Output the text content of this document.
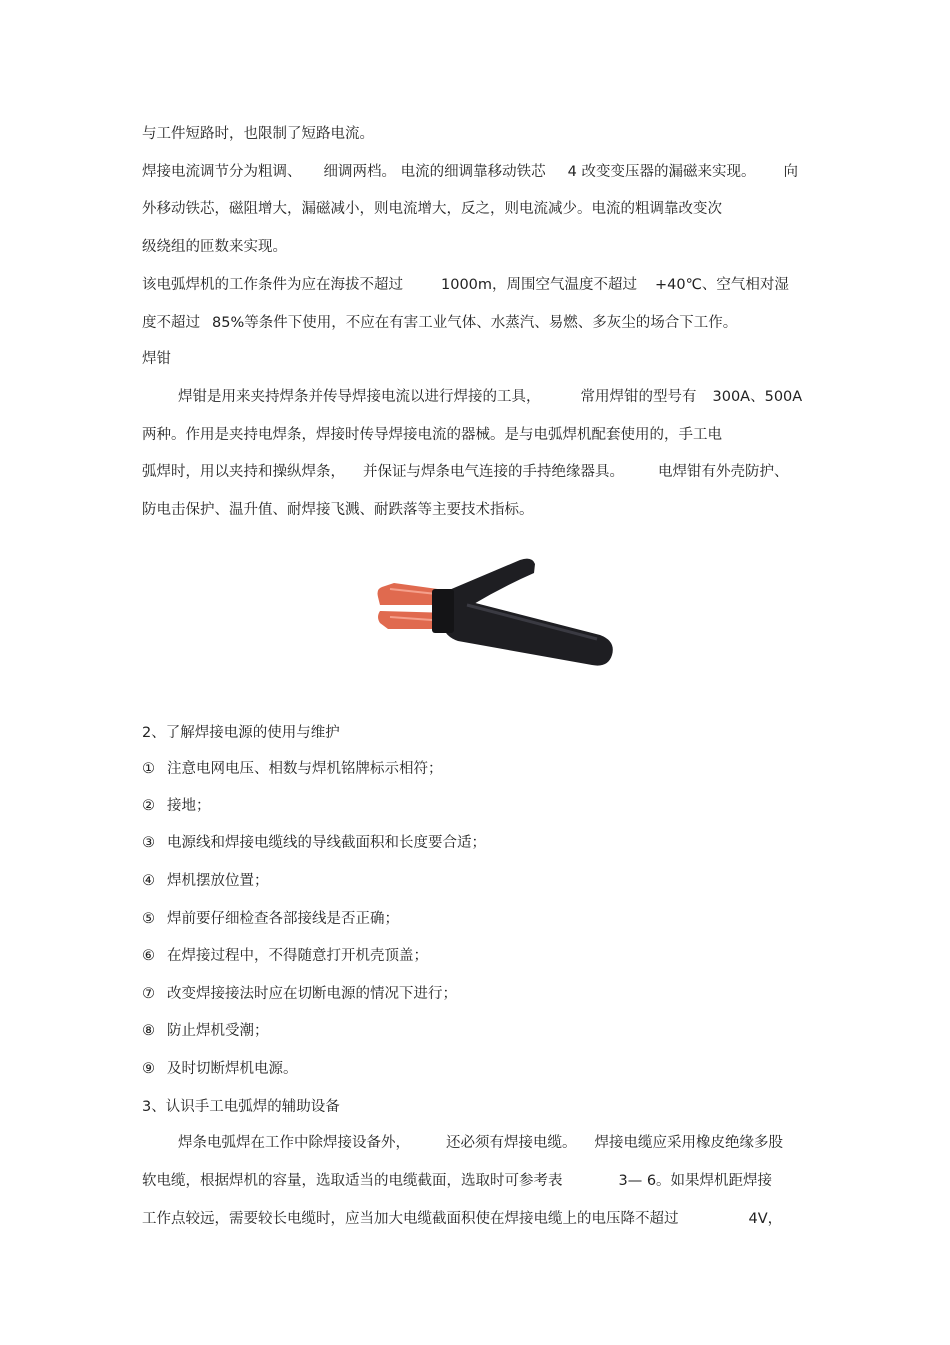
与工件短路时，也限制了短路电流。
焊接电流调节分为粗调、 细调两档。 电流的细调靠移动铁芯 4 改变变压器的漏磁来实现。 向
外移动铁芯，磁阻增大，漏磁减小，则电流增大，反之，则电流减少。电流的粗调靠改变次
级绕组的匝数来实现。
该电弧焊机的工作条件为应在海拔不超过	1000m，周围空气温度不超过 +40℃、空气相对湿
度不超过 85%等条件下使用，不应在有害工业气体、水蒸汽、易燃、多灰尘的场合下工作。
焊钳
焊钳是用来夹持焊条并传导焊接电流以进行焊接的工具，	常用焊钳的型号有 300A、500A
两种。作用是夹持电焊条，焊接时传导焊接电流的器械。是与电弧焊机配套使用的，手工电
弧焊时，用以夹持和操纵焊条， 并保证与焊条电气连接的手持绝缘器具。 电焊钳有外壳防护、
防电击保护、温升值、耐焊接飞溅、耐跌落等主要技术指标。
2、了解焊接电源的使用与维护
① 注意电网电压、相数与焊机铭牌标示相符；
② 接地；
③ 电源线和焊接电缆线的导线截面积和长度要合适；
④ 焊机摆放位置；
⑤ 焊前要仔细检查各部接线是否正确；
⑥ 在焊接过程中，不得随意打开机壳顶盖；
⑦ 改变焊接接法时应在切断电源的情况下进行；
⑧ 防止焊机受潮；
⑨ 及时切断焊机电源。
3、认识手工电弧焊的辅助设备
焊条电弧焊在工作中除焊接设备外， 还必须有焊接电缆。 焊接电缆应采用橡皮绝缘多股
软电缆，根据焊机的容量，选取适当的电缆截面，选取时可参考表	3— 6。如果焊机距焊接
工作点较远，需要较长电缆时，应当加大电缆截面积使在焊接电缆上的电压降不超过	4V，
